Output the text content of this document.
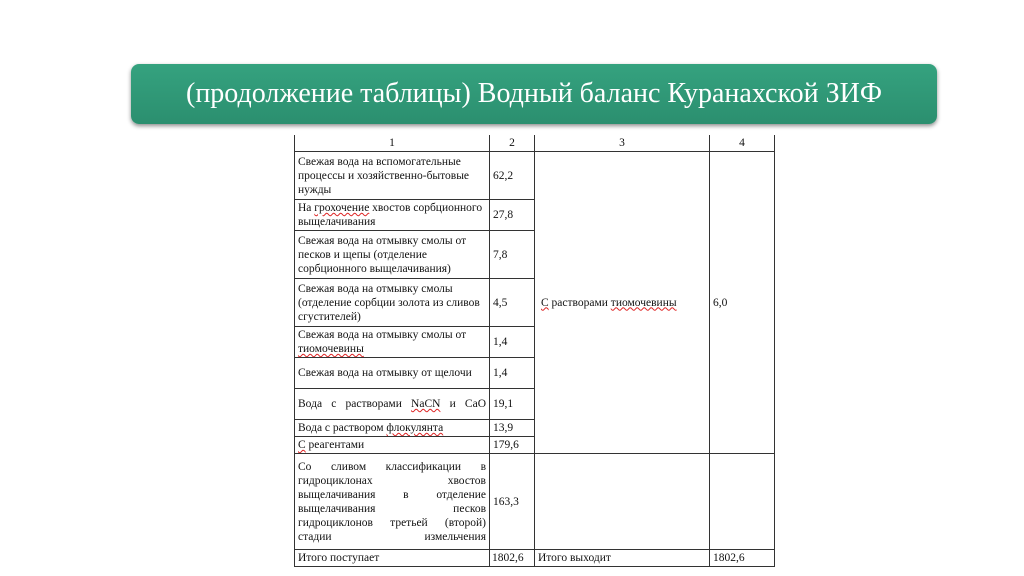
(продолжение таблицы) Водный баланс Куранахской ЗИФ
1	2	3	4
Свежая вода на вспомогательные процессы и хозяйственно-бытовые нужды	62,2	С растворами тиомочевины	6,0
На грохочение хвостов сорбционного выщелачивания	27,8		
Свежая вода на отмывку смолы от песков и щепы (отделение сорбционного выщелачивания)	7,8		
Свежая вода на отмывку смолы (отделение сорбции золота из сливов сгустителей)	4,5		
Свежая вода на отмывку смолы от тиомочевины	1,4		
Свежая вода на отмывку от щелочи	1,4		
Вода с растворами NaCN и CaO	19,1		
Вода с раствором флокулянта	13,9		
С реагентами	179,6		
Со сливом классификации в гидроциклонах хвостов выщелачивания в отделение выщелачивания песков гидроциклонов третьей (второй) стадии измельчения	163,3		
Итого поступает	1802,6	Итого выходит	1802,6
